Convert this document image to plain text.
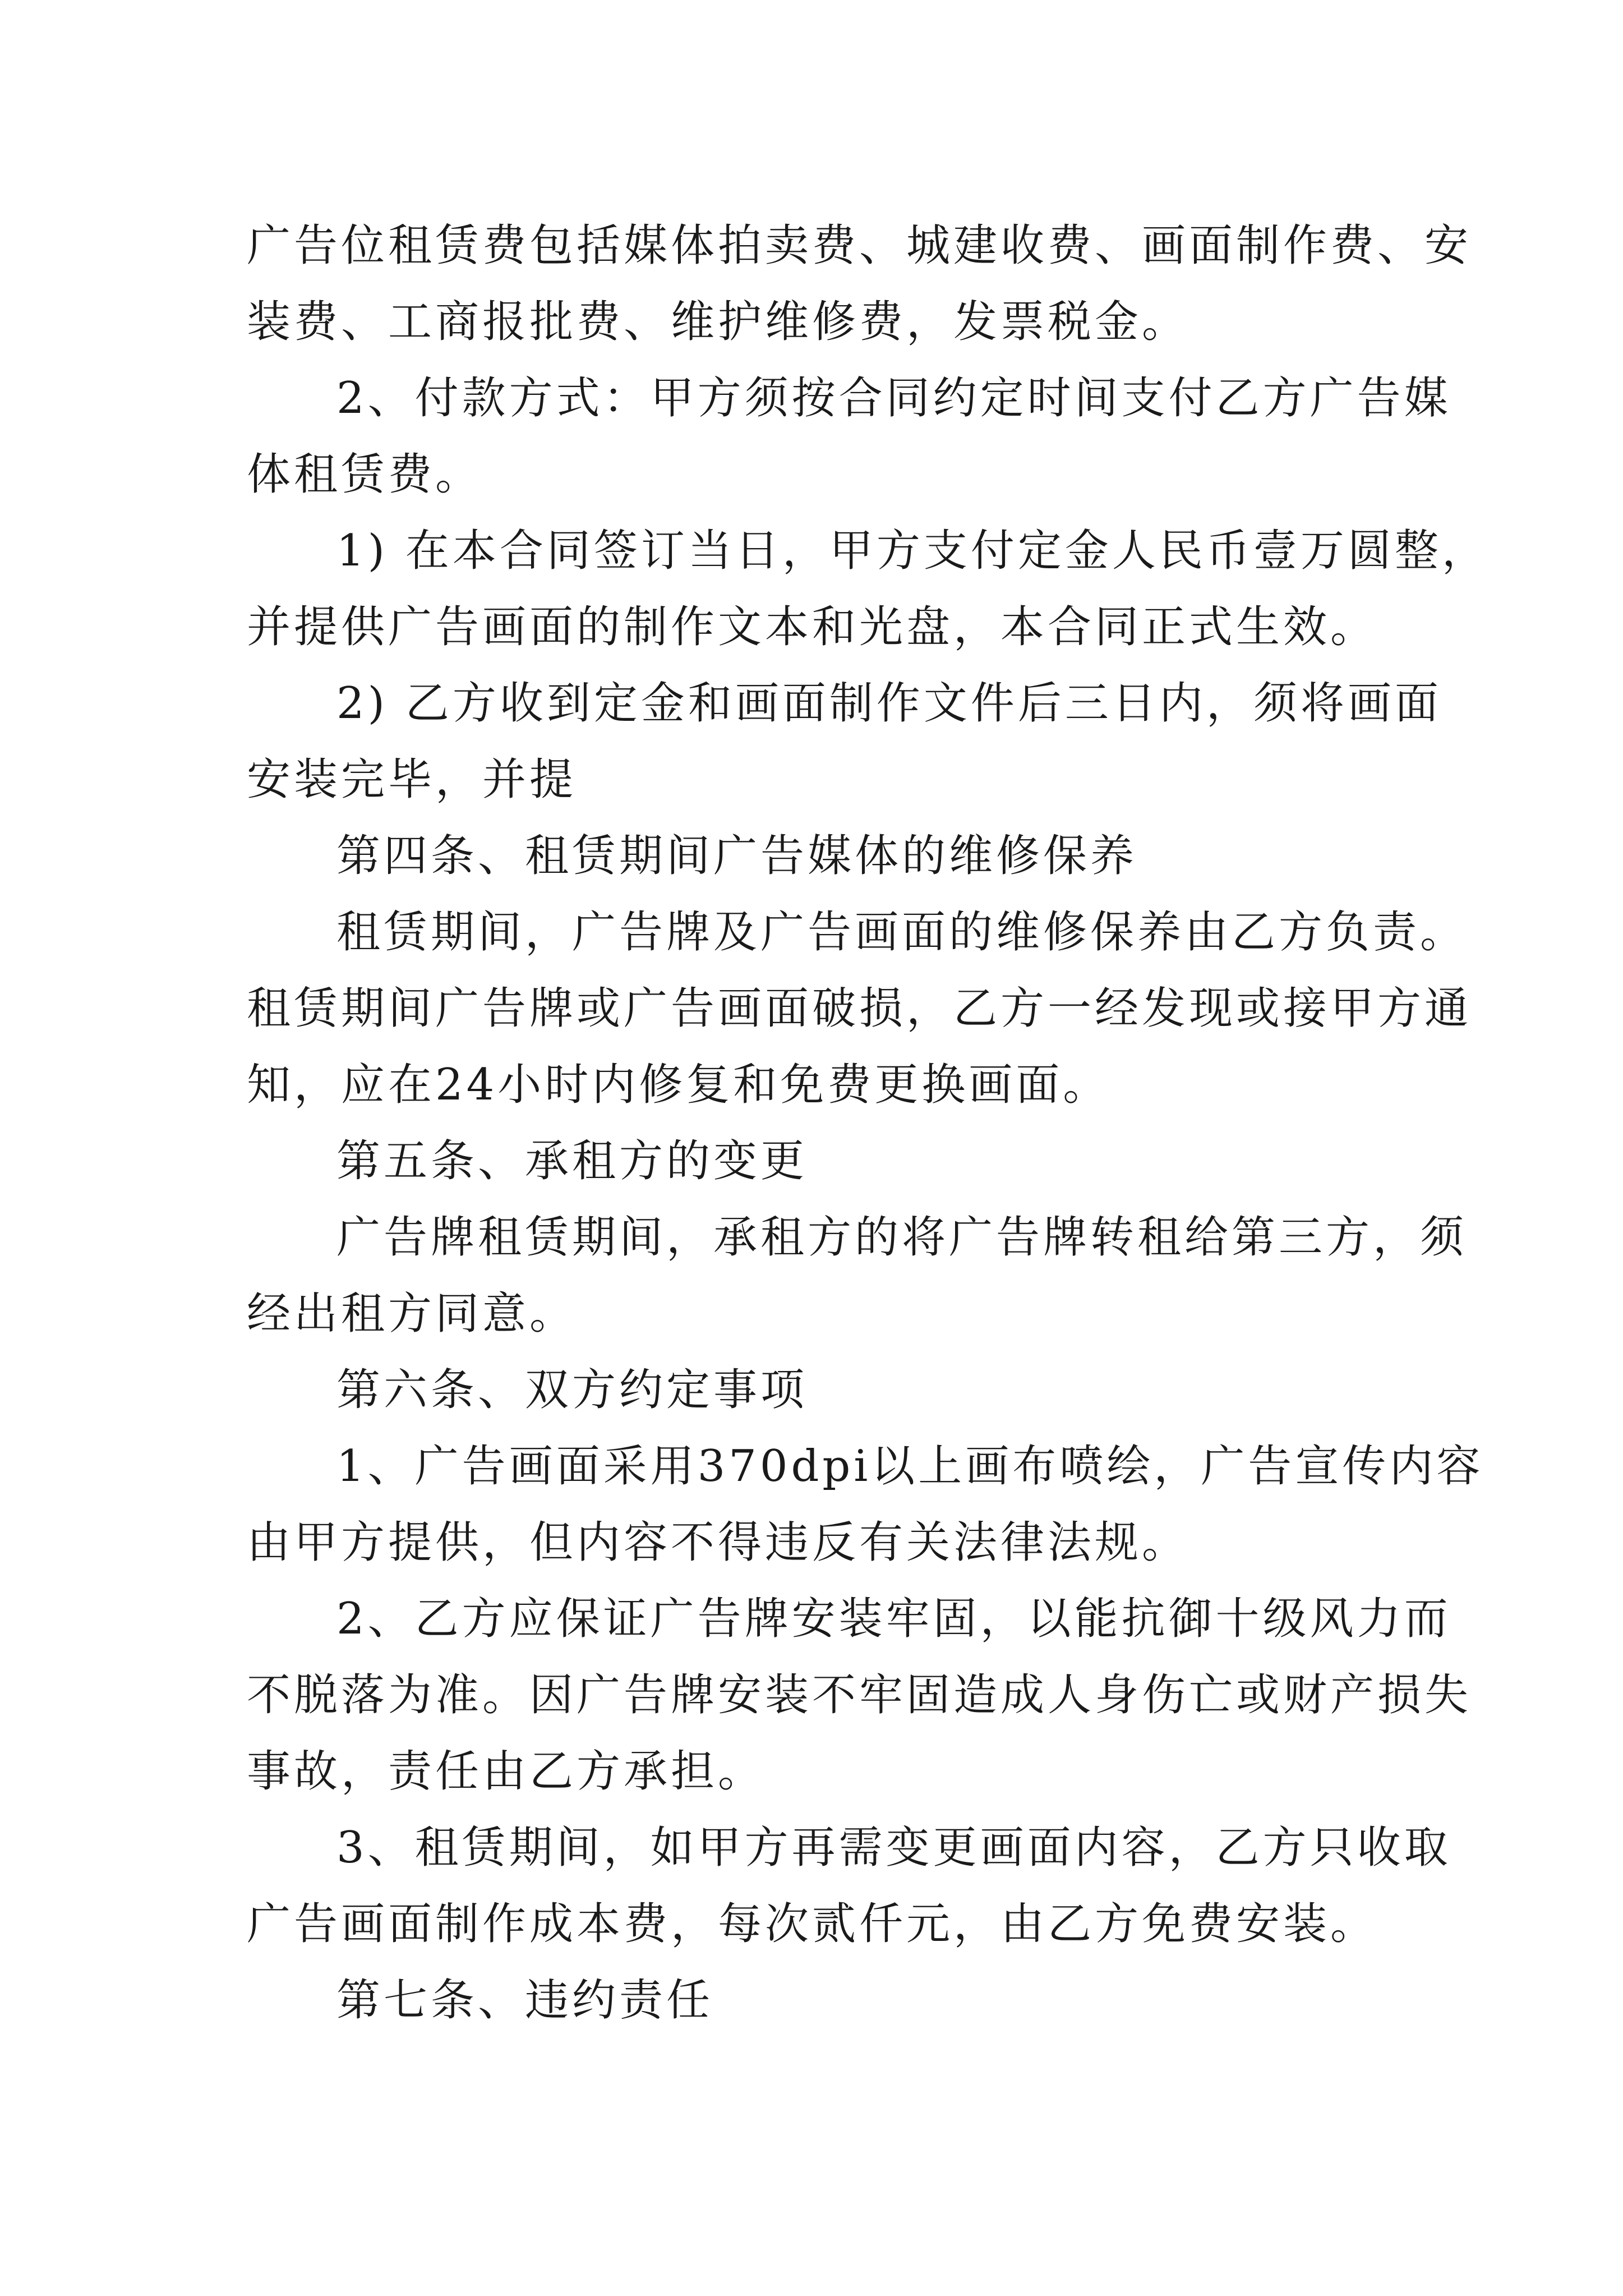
广告位租赁费包括媒体拍卖费、城建收费、画面制作费、安
装费、工商报批费、维护维修费，发票税金。
2、付款方式：甲方须按合同约定时间支付乙方广告媒
体租赁费。
1) 在本合同签订当日，甲方支付定金人民币壹万圆整，
并提供广告画面的制作文本和光盘，本合同正式生效。
2) 乙方收到定金和画面制作文件后三日内，须将画面
安装完毕，并提
第四条、租赁期间广告媒体的维修保养
租赁期间，广告牌及广告画面的维修保养由乙方负责。
租赁期间广告牌或广告画面破损，乙方一经发现或接甲方通
知，应在24小时内修复和免费更换画面。
第五条、承租方的变更
广告牌租赁期间，承租方的将广告牌转租给第三方，须
经出租方同意。
第六条、双方约定事项
1、广告画面采用370dpi以上画布喷绘，广告宣传内容
由甲方提供，但内容不得违反有关法律法规。
2、乙方应保证广告牌安装牢固，以能抗御十级风力而
不脱落为准。因广告牌安装不牢固造成人身伤亡或财产损失
事故，责任由乙方承担。
3、租赁期间，如甲方再需变更画面内容，乙方只收取
广告画面制作成本费，每次贰仟元，由乙方免费安装。
第七条、违约责任
